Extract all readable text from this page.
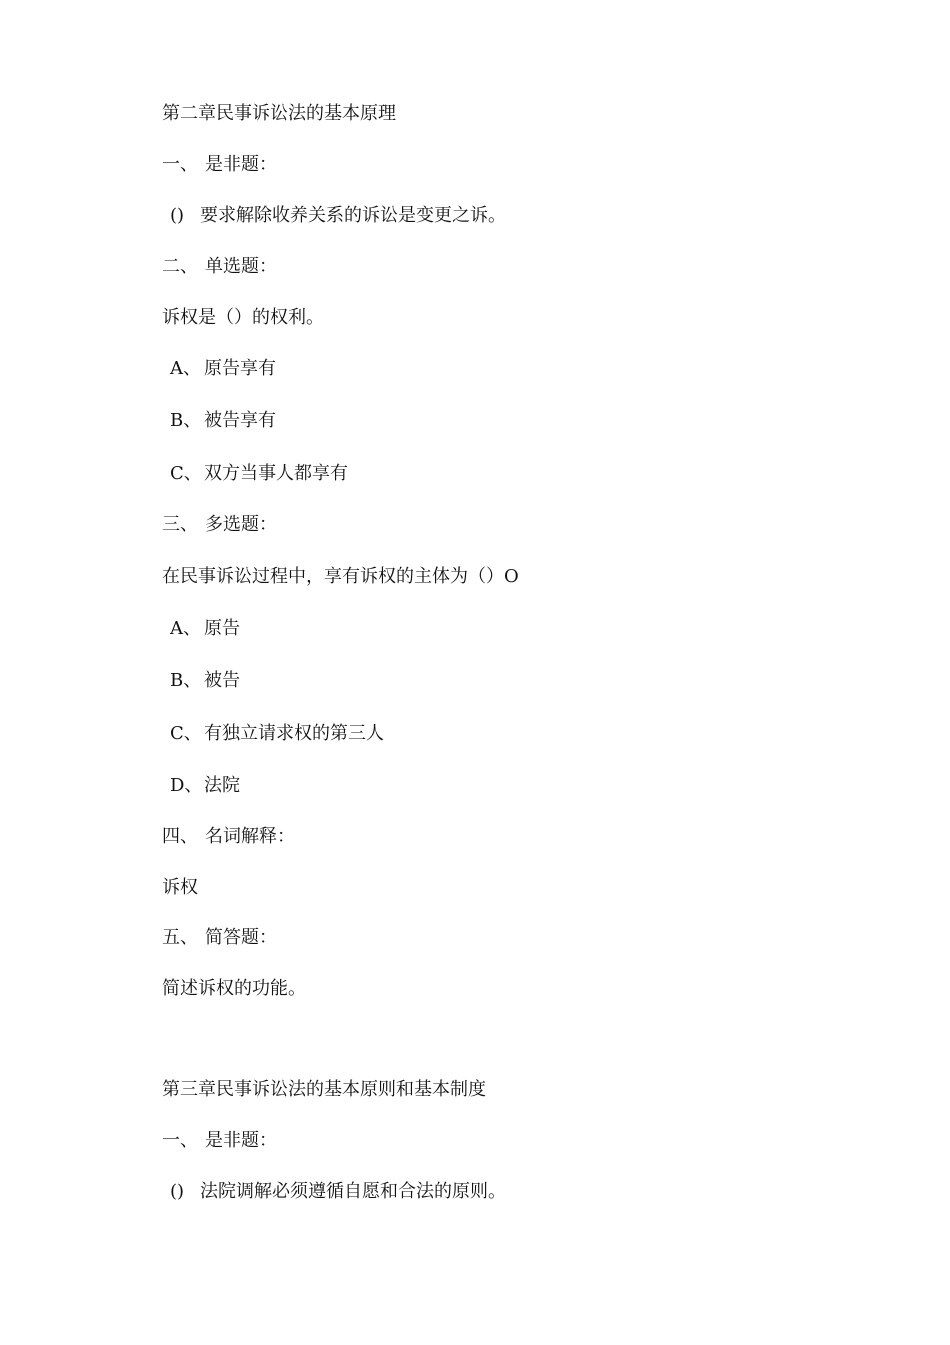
第二章民事诉讼法的基本原理
一、 是非题：
() 要求解除收养关系的诉讼是变更之诉。
二、 单选题：
诉权是（）的权利。
A、 原告享有
B、 被告享有
C、 双方当事人都享有
三、 多选题：
在民事诉讼过程中，享有诉权的主体为（）O
A、 原告
B、 被告
C、 有独立请求权的第三人
D、法院
四、 名词解释：
诉权
五、 简答题：
简述诉权的功能。
第三章民事诉讼法的基本原则和基本制度
一、 是非题：
() 法院调解必须遵循自愿和合法的原则。
